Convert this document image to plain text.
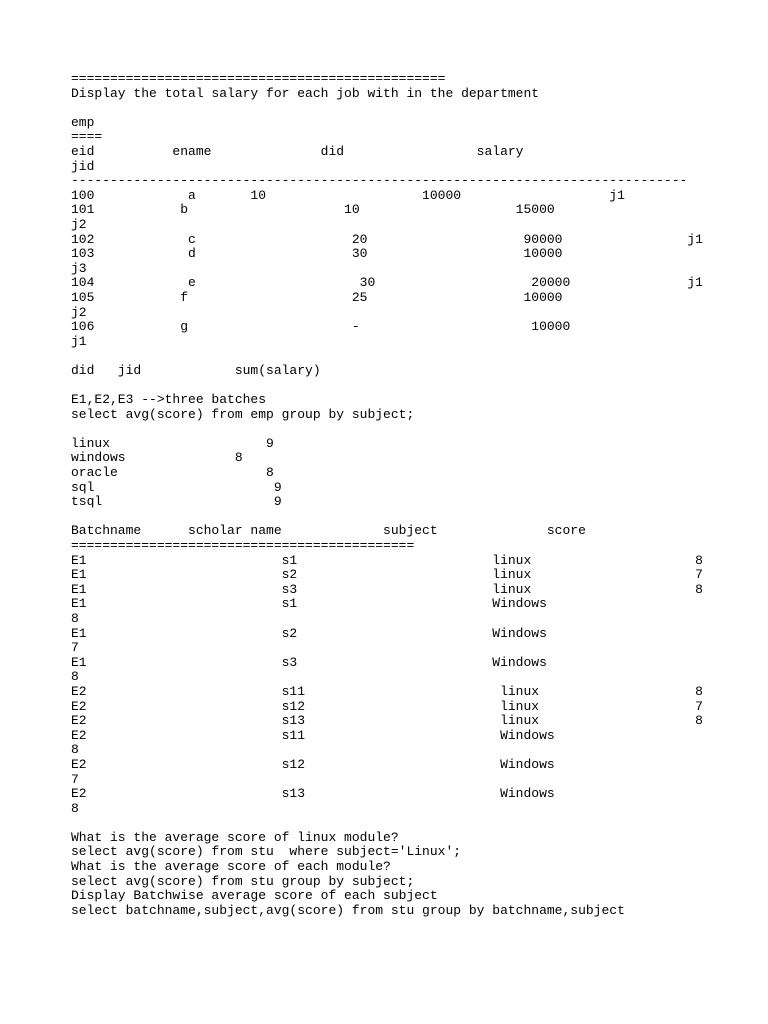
================================================
Display the total salary for each job with in the department
emp
====
eid          ename              did                 salary
jid
-------------------------------------------------------------------------------
100            a       10                    10000                   j1
101           b                    10                    15000
j2
102            c                    20                    90000                j1
103            d                    30                    10000
j3
104            e                     30                    20000               j1
105           f                     25                    10000
j2
106           g                     -                      10000
j1
did   jid            sum(salary)
E1,E2,E3 -->three batches
select avg(score) from emp group by subject;
linux                    9
windows              8
oracle                   8
sql                       9
tsql                      9
Batchname      scholar name             subject              score
============================================
E1                         s1                         linux                     8
E1                         s2                         linux                     7
E1                         s3                         linux                     8
E1                         s1                         Windows
8
E1                         s2                         Windows
7
E1                         s3                         Windows
8
E2                         s11                         linux                    8
E2                         s12                         linux                    7
E2                         s13                         linux                    8
E2                         s11                         Windows
8
E2                         s12                         Windows
7
E2                         s13                         Windows
8
What is the average score of linux module?
select avg(score) from stu  where subject='Linux';
What is the average score of each module?
select avg(score) from stu group by subject;
Display Batchwise average score of each subject
select batchname,subject,avg(score) from stu group by batchname,subject
